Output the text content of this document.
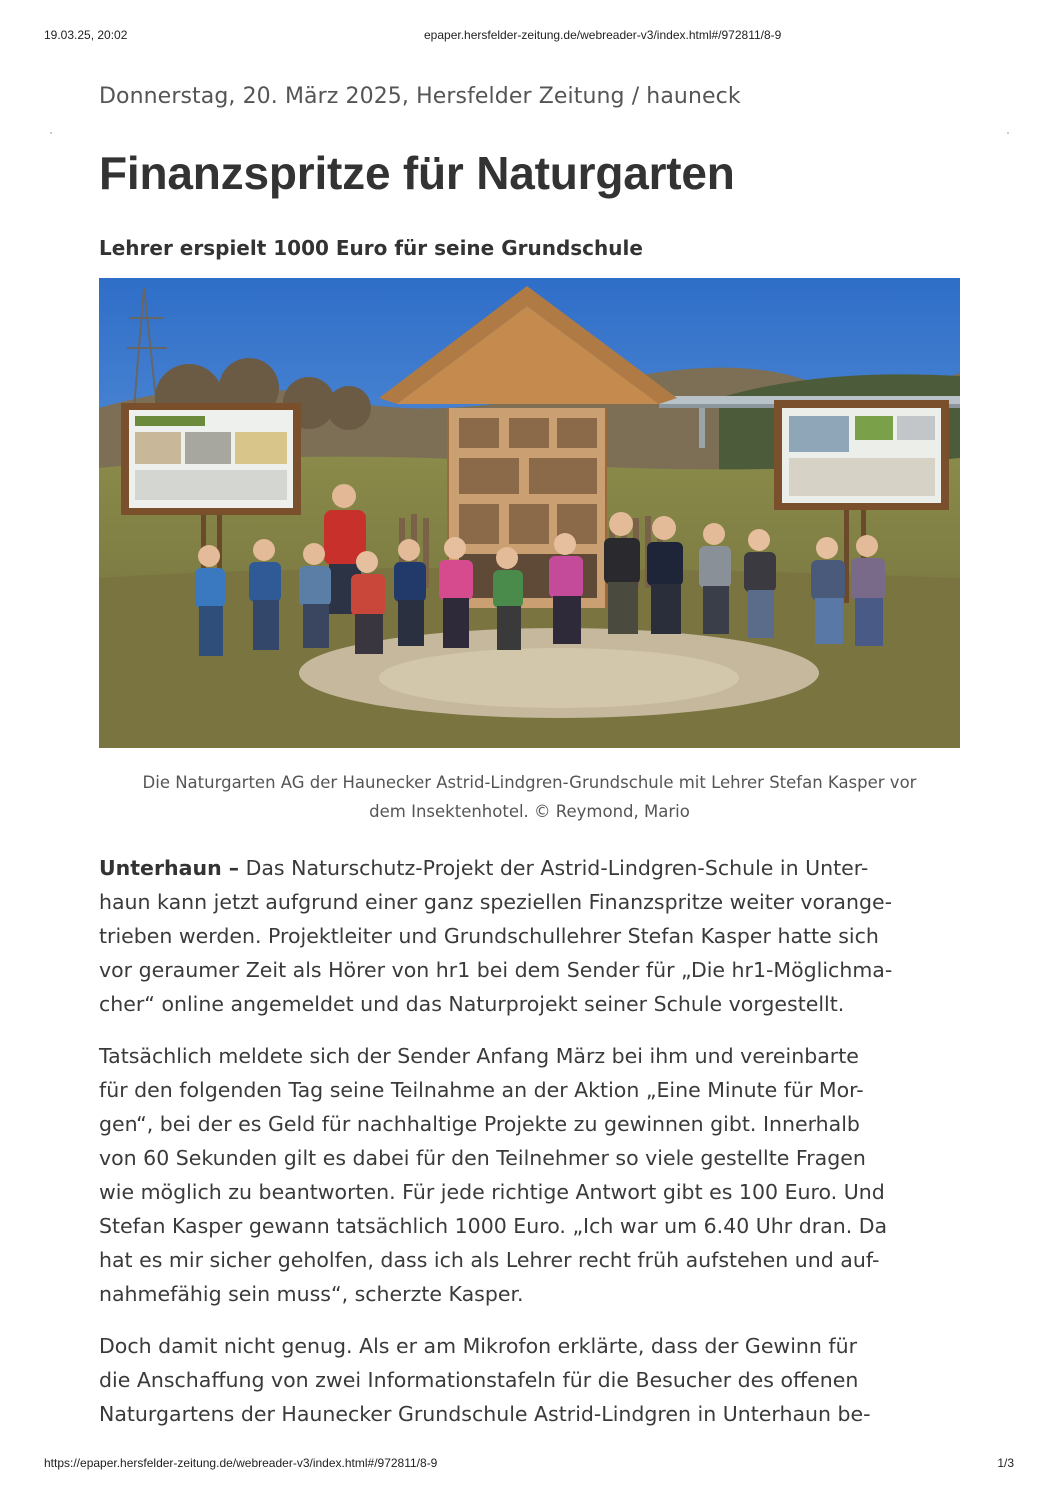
19.03.25, 20:02	epaper.hersfelder-zeitung.de/webreader-v3/index.html#/972811/8-9
Donnerstag, 20. März 2025, Hersfelder Zeitung / hauneck
Finanzspritze für Naturgarten
Lehrer erspielt 1000 Euro für seine Grundschule
Die Naturgarten AG der Haunecker Astrid-Lindgren-Grundschule mit Lehrer Stefan Kasper vor
dem Insektenhotel. © Reymond, Mario
Unterhaun – Das Naturschutz-Projekt der Astrid-Lindgren-Schule in Unter-
haun kann jetzt aufgrund einer ganz speziellen Finanzspritze weiter vorange-
trieben werden. Projektleiter und Grundschullehrer Stefan Kasper hatte sich
vor geraumer Zeit als Hörer von hr1 bei dem Sender für „Die hr1-Möglichma-
cher“ online angemeldet und das Naturprojekt seiner Schule vorgestellt.
Tatsächlich meldete sich der Sender Anfang März bei ihm und vereinbarte
für den folgenden Tag seine Teilnahme an der Aktion „Eine Minute für Mor-
gen“, bei der es Geld für nachhaltige Projekte zu gewinnen gibt. Innerhalb
von 60 Sekunden gilt es dabei für den Teilnehmer so viele gestellte Fragen
wie möglich zu beantworten. Für jede richtige Antwort gibt es 100 Euro. Und
Stefan Kasper gewann tatsächlich 1000 Euro. „Ich war um 6.40 Uhr dran. Da
hat es mir sicher geholfen, dass ich als Lehrer recht früh aufstehen und auf-
nahmefähig sein muss“, scherzte Kasper.
Doch damit nicht genug. Als er am Mikrofon erklärte, dass der Gewinn für
die Anschaffung von zwei Informationstafeln für die Besucher des offenen
Naturgartens der Haunecker Grundschule Astrid-Lindgren in Unterhaun be-
https://epaper.hersfelder-zeitung.de/webreader-v3/index.html#/972811/8-9	1/3
